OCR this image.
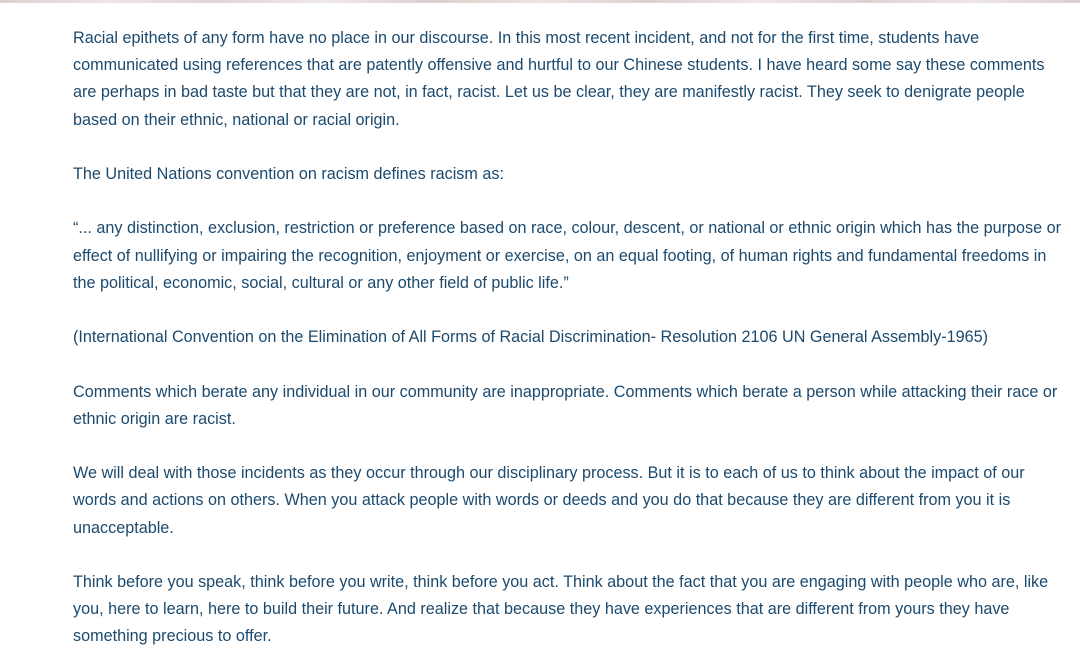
Racial epithets of any form have no place in our discourse. In this most recent incident, and not for the first time, students have communicated using references that are patently offensive and hurtful to our Chinese students. I have heard some say these comments are perhaps in bad taste but that they are not, in fact, racist. Let us be clear, they are manifestly racist. They seek to denigrate people based on their ethnic, national or racial origin.

The United Nations convention on racism defines racism as:

“... any distinction, exclusion, restriction or preference based on race, colour, descent, or national or ethnic origin which has the purpose or effect of nullifying or impairing the recognition, enjoyment or exercise, on an equal footing, of human rights and fundamental freedoms in the political, economic, social, cultural or any other field of public life.”

(International Convention on the Elimination of All Forms of Racial Discrimination- Resolution 2106 UN General Assembly-1965)

Comments which berate any individual in our community are inappropriate. Comments which berate a person while attacking their race or ethnic origin are racist.

We will deal with those incidents as they occur through our disciplinary process. But it is to each of us to think about the impact of our words and actions on others. When you attack people with words or deeds and you do that because they are different from you it is unacceptable.

Think before you speak, think before you write, think before you act. Think about the fact that you are engaging with people who are, like you, here to learn, here to build their future. And realize that because they have experiences that are different from yours they have something precious to offer.
